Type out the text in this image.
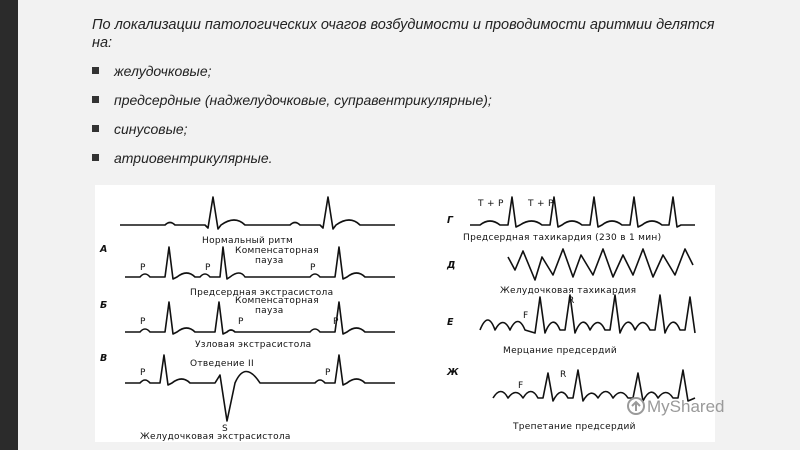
По локализации патологических очагов возбудимости и проводимости аритмии делятся на:

желудочковые;
предсердные (наджелудочковые, суправентрикулярные);
синусовые;
атриовентрикулярные.
Нормальный ритм
А	Компенсаторная
пауза
P	P	P
Предсердная экстрасистола
Б	Компенсаторная
пауза
P	P	P
Узловая экстрасистола
В	Отведение II
P	P
S
Желудочковая экстрасистола
Г
T + P	T + P
Предсердная тахикардия (230 в 1 мин)
Д
Желудочковая тахикардия
Е
F
R
Мерцание предсердий
Ж
F
R
Трепетание предсердий
MyShared
